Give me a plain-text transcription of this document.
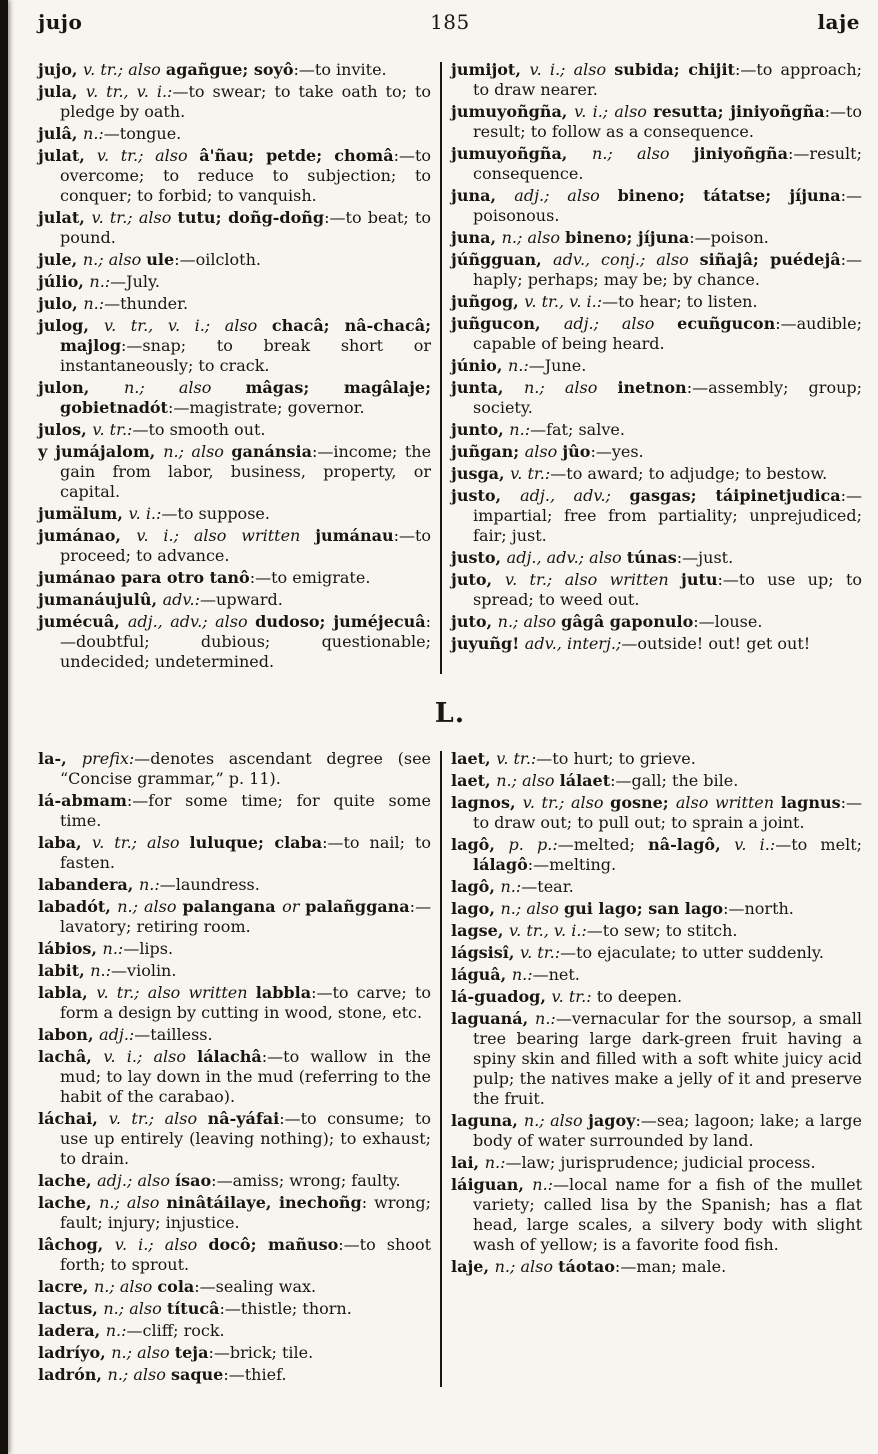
jujo	185	laje

jujo, v. tr.; also agañgue; soyô:—to invite.

jula, v. tr., v. i.:—to swear; to take oath to; to pledge by oath.

julâ, n.:—tongue.

julat, v. tr.; also â'ñau; petde; chomâ:—to overcome; to reduce to subjection; to conquer; to forbid; to vanquish.

julat, v. tr.; also tutu; doñg-doñg:—to beat; to pound.

jule, n.; also ule:—oilcloth.

júlio, n.:—July.

julo, n.:—thunder.

julog, v. tr., v. i.; also chacâ; nâ-chacâ; majlog:—snap; to break short or instantaneously; to crack.

julon, n.; also mâgas; magâlaje; gobietnadót:—magistrate; governor.

julos, v. tr.:—to smooth out.

y jumájalom, n.; also ganánsia:—income; the gain from labor, business, property, or capital.

jumälum, v. i.:—to suppose.

jumánao, v. i.; also written jumánau:—to proceed; to advance.

jumánao para otro tanô:—to emigrate.

jumanáujulû, adv.:—upward.

jumécuâ, adj., adv.; also dudoso; juméjecuâ:—doubtful; dubious; questionable; undecided; undetermined.

jumijot, v. i.; also subida; chijit:—to approach; to draw nearer.

jumuyoñgña, v. i.; also resutta; jiniyoñgña:—to result; to follow as a consequence.

jumuyoñgña, n.; also jiniyoñgña:—result; consequence.

juna, adj.; also bineno; tátatse; jíjuna:—poisonous.

juna, n.; also bineno; jíjuna:—poison.

júñgguan, adv., conj.; also siñajâ; puédejâ:—haply; perhaps; may be; by chance.

juñgog, v. tr., v. i.:—to hear; to listen.

juñgucon, adj.; also ecuñgucon:—audible; capable of being heard.

júnio, n.:—June.

junta, n.; also inetnon:—assembly; group; society.

junto, n.:—fat; salve.

juñgan; also jûo:—yes.

jusga, v. tr.:—to award; to adjudge; to bestow.

justo, adj., adv.; gasgas; táipinetjudica:—impartial; free from partiality; unprejudiced; fair; just.

justo, adj., adv.; also túnas:—just.

juto, v. tr.; also written jutu:—to use up; to spread; to weed out.

juto, n.; also gâgâ gaponulo:—louse.

juyuñg! adv., interj.;—outside! out! get out!

L.

la-, prefix:—denotes ascendant degree (see “Concise grammar,” p. 11).

lá-abmam:—for some time; for quite some time.

laba, v. tr.; also luluque; claba:—to nail; to fasten.

labandera, n.:—laundress.

labadót, n.; also palangana or palañggana:—lavatory; retiring room.

lábios, n.:—lips.

labit, n.:—violin.

labla, v. tr.; also written labbla:—to carve; to form a design by cutting in wood, stone, etc.

labon, adj.:—tailless.

lachâ, v. i.; also lálachâ:—to wallow in the mud; to lay down in the mud (referring to the habit of the carabao).

láchai, v. tr.; also nâ-yáfai:—to consume; to use up entirely (leaving nothing); to exhaust; to drain.

lache, adj.; also ísao:—amiss; wrong; faulty.

lache, n.; also ninâtáilaye, inechoñg: wrong; fault; injury; injustice.

lâchog, v. i.; also docô; mañuso:—to shoot forth; to sprout.

lacre, n.; also cola:—sealing wax.

lactus, n.; also títucâ:—thistle; thorn.

ladera, n.:—cliff; rock.

ladríyo, n.; also teja:—brick; tile.

ladrón, n.; also saque:—thief.

laet, v. tr.:—to hurt; to grieve.

laet, n.; also lálaet:—gall; the bile.

lagnos, v. tr.; also gosne; also written lagnus:—to draw out; to pull out; to sprain a joint.

lagô, p. p.:—melted; nâ-lagô, v. i.:—to melt; lálagô:—melting.

lagô, n.:—tear.

lago, n.; also gui lago; san lago:—north.

lagse, v. tr., v. i.:—to sew; to stitch.

lágsisî, v. tr.:—to ejaculate; to utter suddenly.

láguâ, n.:—net.

lá-guadog, v. tr.: to deepen.

laguaná, n.:—vernacular for the soursop, a small tree bearing large dark-green fruit having a spiny skin and filled with a soft white juicy acid pulp; the natives make a jelly of it and preserve the fruit.

laguna, n.; also jagoy:—sea; lagoon; lake; a large body of water surrounded by land.

lai, n.:—law; jurisprudence; judicial process.

láiguan, n.:—local name for a fish of the mullet variety; called lisa by the Spanish; has a flat head, large scales, a silvery body with slight wash of yellow; is a favorite food fish.

laje, n.; also táotao:—man; male.
